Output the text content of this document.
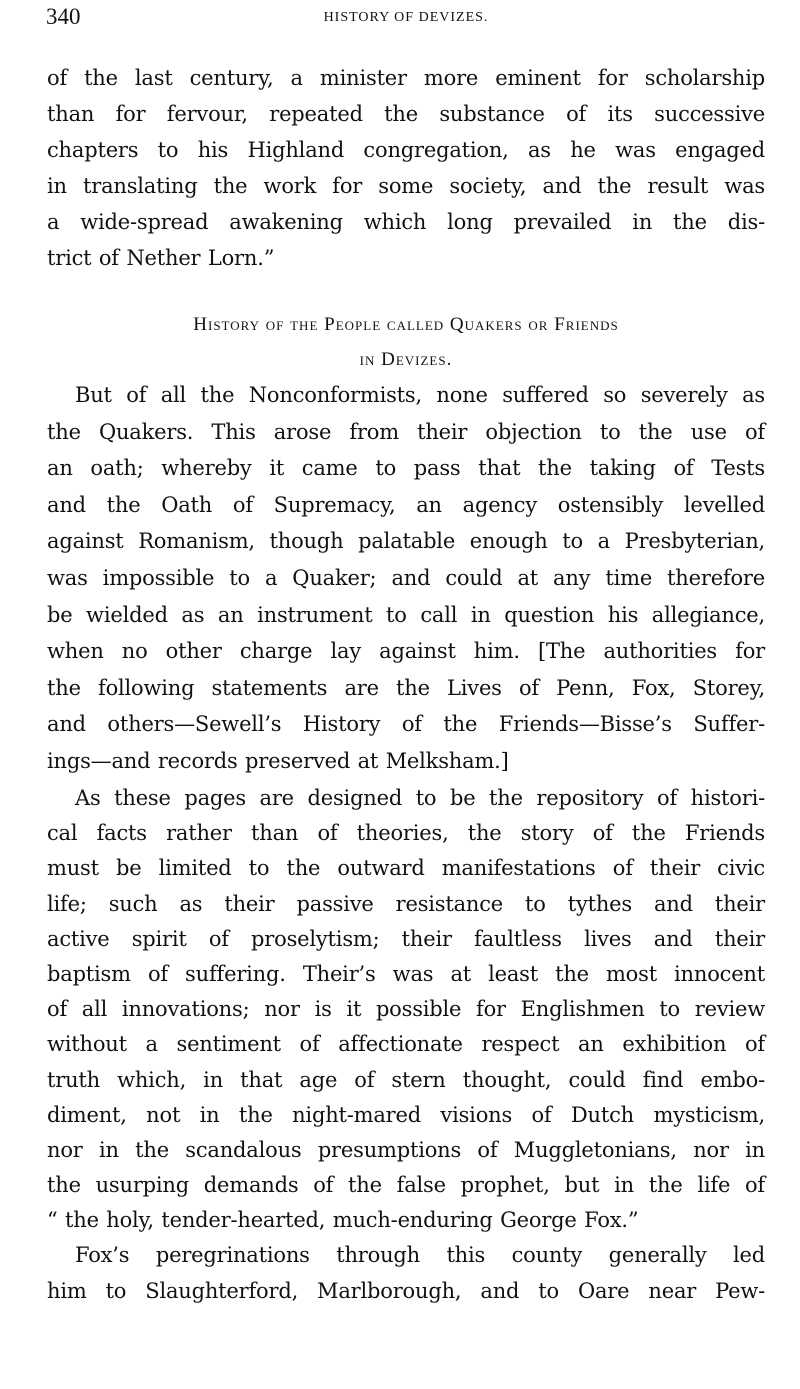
340	HISTORY OF DEVIZES.
of the last century, a minister more eminent for scholarship
than for fervour, repeated the substance of its successive
chapters to his Highland congregation, as he was engaged
in translating the work for some society, and the result was
a wide-spread awakening which long prevailed in the dis-
trict of Nether Lorn.”
History of the People called Quakers or Friends
in Devizes.
But of all the Nonconformists, none suffered so severely as
the Quakers. This arose from their objection to the use of
an oath; whereby it came to pass that the taking of Tests
and the Oath of Supremacy, an agency ostensibly levelled
against Romanism, though palatable enough to a Presbyterian,
was impossible to a Quaker; and could at any time therefore
be wielded as an instrument to call in question his allegiance,
when no other charge lay against him. [The authorities for
the following statements are the Lives of Penn, Fox, Storey,
and others—Sewell’s History of the Friends—Bisse’s Suffer-
ings—and records preserved at Melksham.]
As these pages are designed to be the repository of histori-
cal facts rather than of theories, the story of the Friends
must be limited to the outward manifestations of their civic
life; such as their passive resistance to tythes and their
active spirit of proselytism; their faultless lives and their
baptism of suffering. Their’s was at least the most innocent
of all innovations; nor is it possible for Englishmen to review
without a sentiment of affectionate respect an exhibition of
truth which, in that age of stern thought, could find embo-
diment, not in the night-mared visions of Dutch mysticism,
nor in the scandalous presumptions of Muggletonians, nor in
the usurping demands of the false prophet, but in the life of
“ the holy, tender-hearted, much-enduring George Fox.”
Fox’s peregrinations through this county generally led
him to Slaughterford, Marlborough, and to Oare near Pew-
